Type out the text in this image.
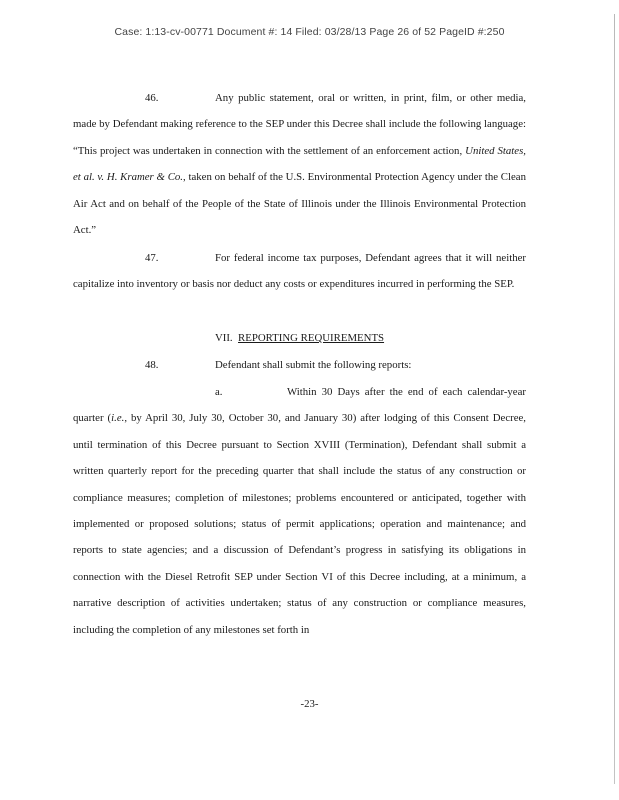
Case: 1:13-cv-00771 Document #: 14 Filed: 03/28/13 Page 26 of 52 PageID #:250

46.	Any public statement, oral or written, in print, film, or other media, made by Defendant making reference to the SEP under this Decree shall include the following language: “This project was undertaken in connection with the settlement of an enforcement action, United States, et al. v. H. Kramer & Co., taken on behalf of the U.S. Environmental Protection Agency under the Clean Air Act and on behalf of the People of the State of Illinois under the Illinois Environmental Protection Act.”

47.	For federal income tax purposes, Defendant agrees that it will neither capitalize into inventory or basis nor deduct any costs or expenditures incurred in performing the SEP.

VII. REPORTING REQUIREMENTS

48.	Defendant shall submit the following reports:

a.	Within 30 Days after the end of each calendar-year quarter (i.e., by April 30, July 30, October 30, and January 30) after lodging of this Consent Decree, until termination of this Decree pursuant to Section XVIII (Termination), Defendant shall submit a written quarterly report for the preceding quarter that shall include the status of any construction or compliance measures; completion of milestones; problems encountered or anticipated, together with implemented or proposed solutions; status of permit applications; operation and maintenance; and reports to state agencies; and a discussion of Defendant’s progress in satisfying its obligations in connection with the Diesel Retrofit SEP under Section VI of this Decree including, at a minimum, a narrative description of activities undertaken; status of any construction or compliance measures, including the completion of any milestones set forth in

-23-
